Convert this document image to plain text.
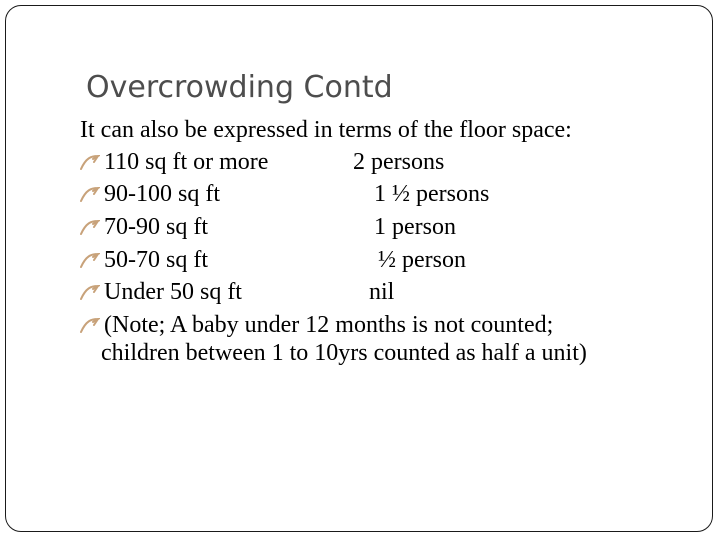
Overcrowding Contd
It can also be expressed in terms of the floor space:
110 sq ft or more	2 persons
90-100 sq ft	1 ½ persons
70-90 sq ft	1 person
50-70 sq ft	½ person
Under 50 sq ft	nil
(Note; A baby under 12 months is not counted;
children between 1 to 10yrs counted as half a unit)
